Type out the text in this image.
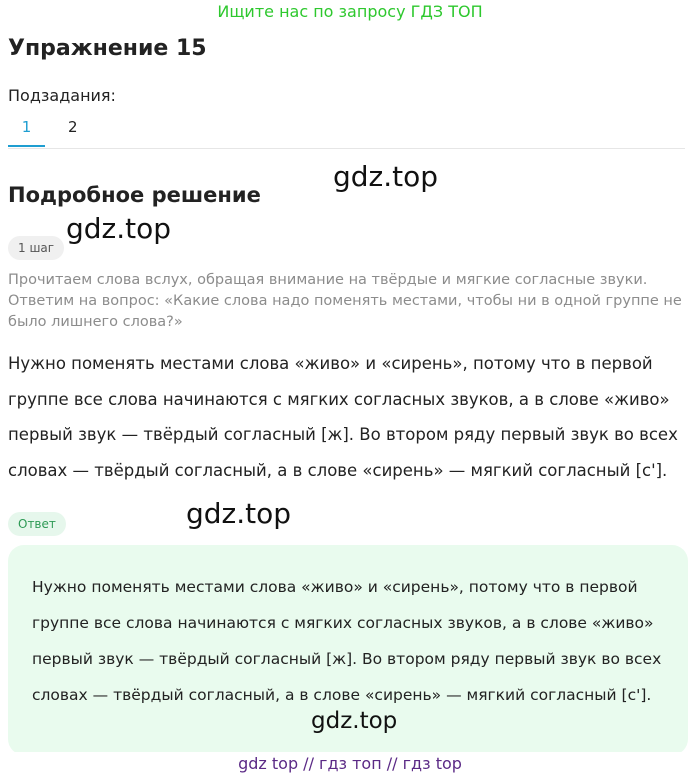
Ищите нас по запросу ГДЗ ТОП
Упражнение 15
Подзадания:
1	2
Подробное решение
gdz.top
gdz.top
1 шаг
Прочитаем слова вслух, обращая внимание на твёрдые и мягкие согласные звуки. Ответим на вопрос: «Какие слова надо поменять местами, чтобы ни в одной группе не было лишнего слова?»
Нужно поменять местами слова «живо» и «сирень», потому что в первой группе все слова начинаются с мягких согласных звуков, а в слове «живо» первый звук — твёрдый согласный [ж]. Во втором ряду первый звук во всех словах — твёрдый согласный, а в слове «сирень» — мягкий согласный [с'].
Ответ	gdz.top
Нужно поменять местами слова «живо» и «сирень», потому что в первой группе все слова начинаются с мягких согласных звуков, а в слове «живо» первый звук — твёрдый согласный [ж]. Во втором ряду первый звук во всех словах — твёрдый согласный, а в слове «сирень» — мягкий согласный [с'].
gdz.top
gdz top // гдз топ // гдз top
